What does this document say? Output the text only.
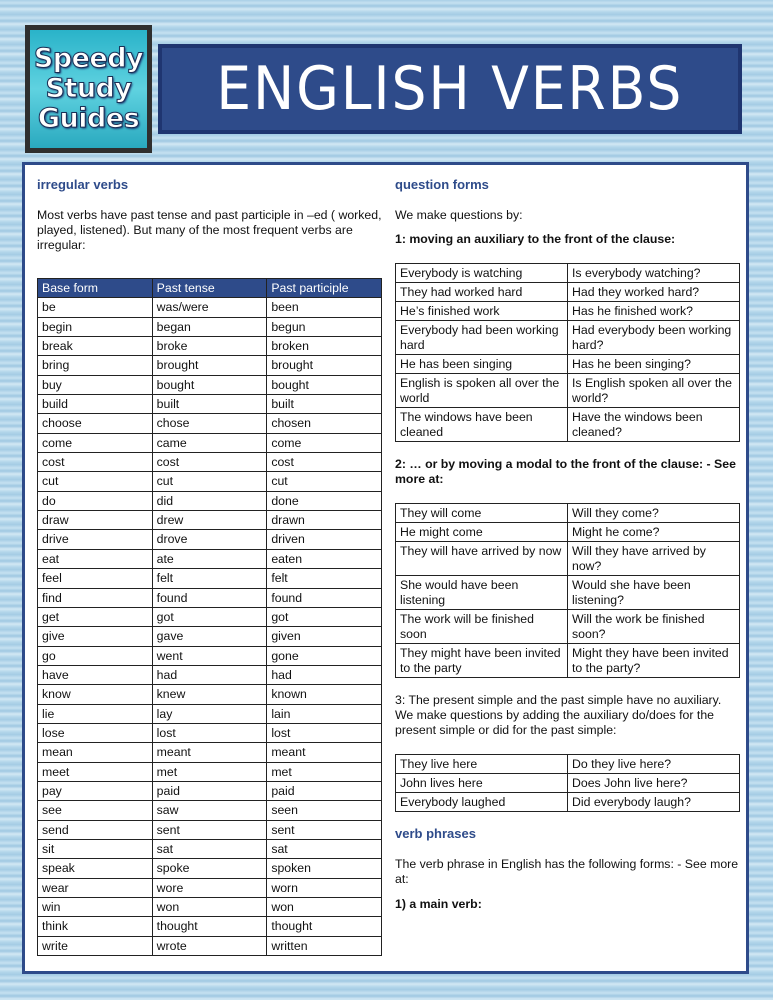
Speedy
Study
Guides ENGLISH VERBS
irregular verbs

Most verbs have past tense and past participle in –ed ( worked, played, listened). But many of the most frequent verbs are irregular:

Base form	Past tense	Past participle
be	was/were	been
begin	began	begun
break	broke	broken
bring	brought	brought
buy	bought	bought
build	built	built
choose	chose	chosen
come	came	come
cost	cost	cost
cut	cut	cut
do	did	done
draw	drew	drawn
drive	drove	driven
eat	ate	eaten
feel	felt	felt
find	found	found
get	got	got
give	gave	given
go	went	gone
have	had	had
know	knew	known
lie	lay	lain
lose	lost	lost
mean	meant	meant
meet	met	met
pay	paid	paid
see	saw	seen
send	sent	sent
sit	sat	sat
speak	spoke	spoken
wear	wore	worn
win	won	won
think	thought	thought
write	wrote	written
question forms

We make questions by:

1: moving an auxiliary to the front of the clause:

Everybody is watching	Is everybody watching?
They had worked hard	Had they worked hard?
He’s finished work	Has he finished work?
Everybody had been working hard	Had everybody been working hard?
He has been singing	Has he been singing?
English is spoken all over the world	Is English spoken all over the world?
The windows have been cleaned	Have the windows been cleaned?

2: … or by moving a modal to the front of the clause: - See more at:

They will come	Will they come?
He might come	Might he come?
They will have arrived by now	Will they have arrived by now?
She would have been listening	Would she have been listening?
The work will be finished soon	Will the work be finished soon?
They might have been invited to the party	Might they have been invited to the party?

3: The present simple and the past simple have no auxiliary. We make questions by adding the auxiliary do/does for the present simple or did for the past simple:

They live here	Do they live here?
John lives here	Does John live here?
Everybody laughed	Did everybody laugh?
verb phrases

The verb phrase in English has the following forms: - See more at:

1) a main verb:
